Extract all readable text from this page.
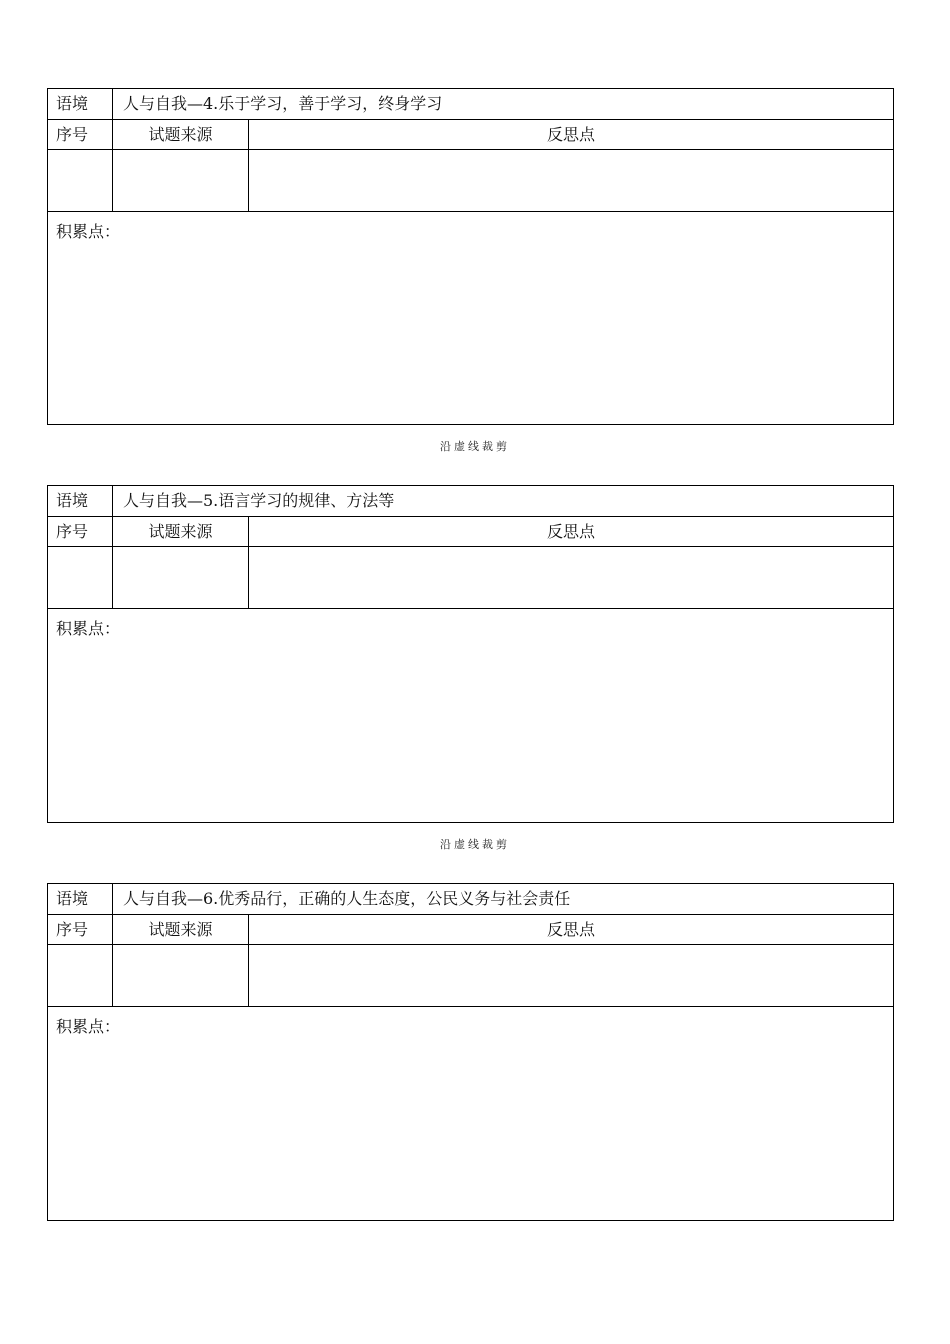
语境	人与自我—4.乐于学习，善于学习，终身学习
序号	试题来源	反思点
积累点：
沿虚线裁剪
语境	人与自我—5.语言学习的规律、方法等
序号	试题来源	反思点
积累点：
沿虚线裁剪
语境	人与自我—6.优秀品行，正确的人生态度，公民义务与社会责任
序号	试题来源	反思点
积累点：
